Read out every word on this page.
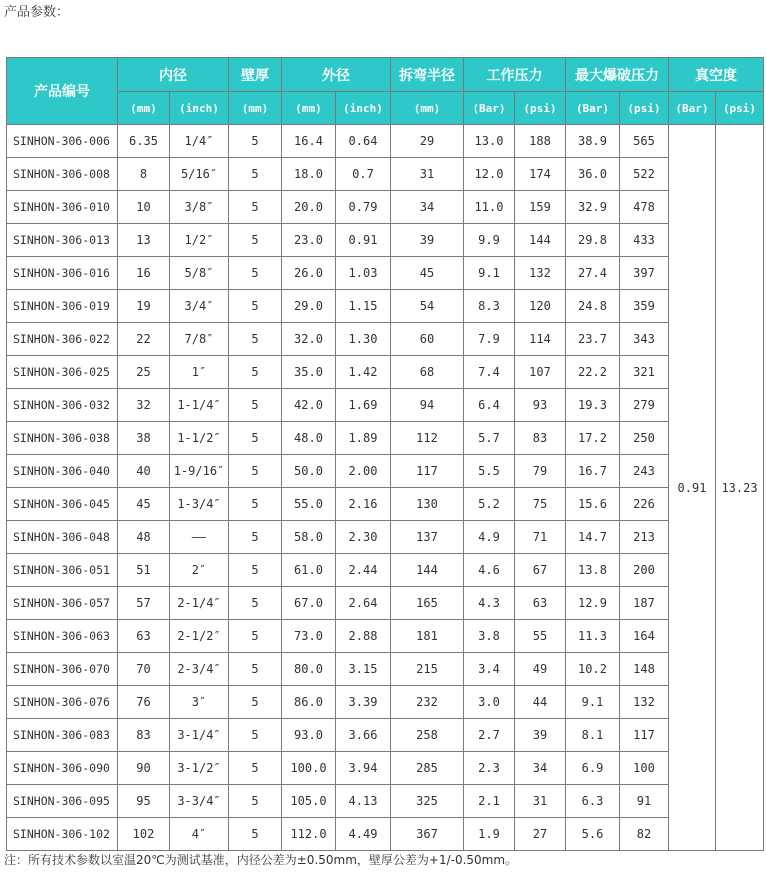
产品参数：
产品编号	内径		壁厚	外径		拆弯半径	工作压力		最大爆破压力		真空度	
	(mm)	(inch)	(mm)	(mm)	(inch)	(mm)	(Bar)	(psi)	(Bar)	(psi)	(Bar)	(psi)
SINHON-306-006	6.35	1/4″	5	16.4	0.64	29	13.0	188	38.9	565	0.91	13.23
SINHON-306-008	8	5/16″	5	18.0	0.7	31	12.0	174	36.0	522		
SINHON-306-010	10	3/8″	5	20.0	0.79	34	11.0	159	32.9	478		
SINHON-306-013	13	1/2″	5	23.0	0.91	39	9.9	144	29.8	433		
SINHON-306-016	16	5/8″	5	26.0	1.03	45	9.1	132	27.4	397		
SINHON-306-019	19	3/4″	5	29.0	1.15	54	8.3	120	24.8	359		
SINHON-306-022	22	7/8″	5	32.0	1.30	60	7.9	114	23.7	343		
SINHON-306-025	25	1″	5	35.0	1.42	68	7.4	107	22.2	321		
SINHON-306-032	32	1-1/4″	5	42.0	1.69	94	6.4	93	19.3	279		
SINHON-306-038	38	1-1/2″	5	48.0	1.89	112	5.7	83	17.2	250		
SINHON-306-040	40	1-9/16″	5	50.0	2.00	117	5.5	79	16.7	243		
SINHON-306-045	45	1-3/4″	5	55.0	2.16	130	5.2	75	15.6	226		
SINHON-306-048	48	——	5	58.0	2.30	137	4.9	71	14.7	213		
SINHON-306-051	51	2″	5	61.0	2.44	144	4.6	67	13.8	200		
SINHON-306-057	57	2-1/4″	5	67.0	2.64	165	4.3	63	12.9	187		
SINHON-306-063	63	2-1/2″	5	73.0	2.88	181	3.8	55	11.3	164		
SINHON-306-070	70	2-3/4″	5	80.0	3.15	215	3.4	49	10.2	148		
SINHON-306-076	76	3″	5	86.0	3.39	232	3.0	44	9.1	132		
SINHON-306-083	83	3-1/4″	5	93.0	3.66	258	2.7	39	8.1	117		
SINHON-306-090	90	3-1/2″	5	100.0	3.94	285	2.3	34	6.9	100		
SINHON-306-095	95	3-3/4″	5	105.0	4.13	325	2.1	31	6.3	91		
SINHON-306-102	102	4″	5	112.0	4.49	367	1.9	27	5.6	82		
注：所有技术参数以室温20℃为测试基准，内径公差为±0.50mm，壁厚公差为+1/-0.50mm。
